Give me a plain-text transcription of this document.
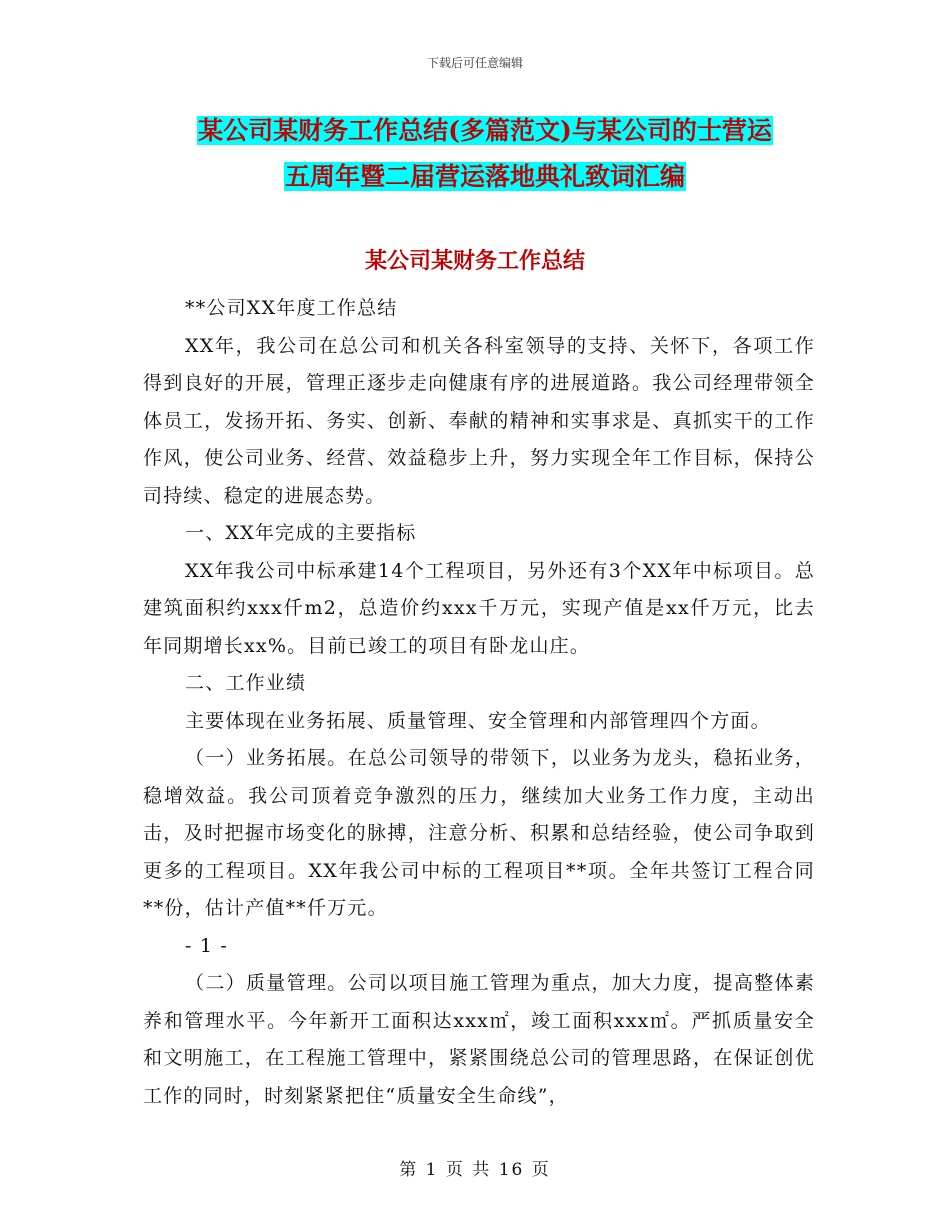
下载后可任意编辑
某公司某财务工作总结(多篇范文)与某公司的士营运
五周年暨二届营运落地典礼致词汇编
某公司某财务工作总结

**公司XX年度工作总结

XX年，我公司在总公司和机关各科室领导的支持、关怀下，各项工作得到良好的开展，管理正逐步走向健康有序的进展道路。我公司经理带领全体员工，发扬开拓、务实、创新、奉献的精神和实事求是、真抓实干的工作作风，使公司业务、经营、效益稳步上升，努力实现全年工作目标，保持公司持续、稳定的进展态势。

一、XX年完成的主要指标

XX年我公司中标承建14个工程项目，另外还有3个XX年中标项目。总建筑面积约xxx仟m2，总造价约xxx千万元，实现产值是xx仟万元，比去年同期增长xx%。目前已竣工的项目有卧龙山庄。

二、工作业绩

主要体现在业务拓展、质量管理、安全管理和内部管理四个方面。

（一）业务拓展。在总公司领导的带领下，以业务为龙头，稳拓业务，稳增效益。我公司顶着竞争激烈的压力，继续加大业务工作力度，主动出击，及时把握市场变化的脉搏，注意分析、积累和总结经验，使公司争取到更多的工程项目。XX年我公司中标的工程项目**项。全年共签订工程合同**份，估计产值**仟万元。

- 1 -

（二）质量管理。公司以项目施工管理为重点，加大力度，提高整体素养和管理水平。今年新开工面积达xxx㎡，竣工面积xxx㎡。严抓质量安全和文明施工，在工程施工管理中，紧紧围绕总公司的管理思路，在保证创优工作的同时，时刻紧紧把住“质量安全生命线”，

第 1 页 共 16 页
